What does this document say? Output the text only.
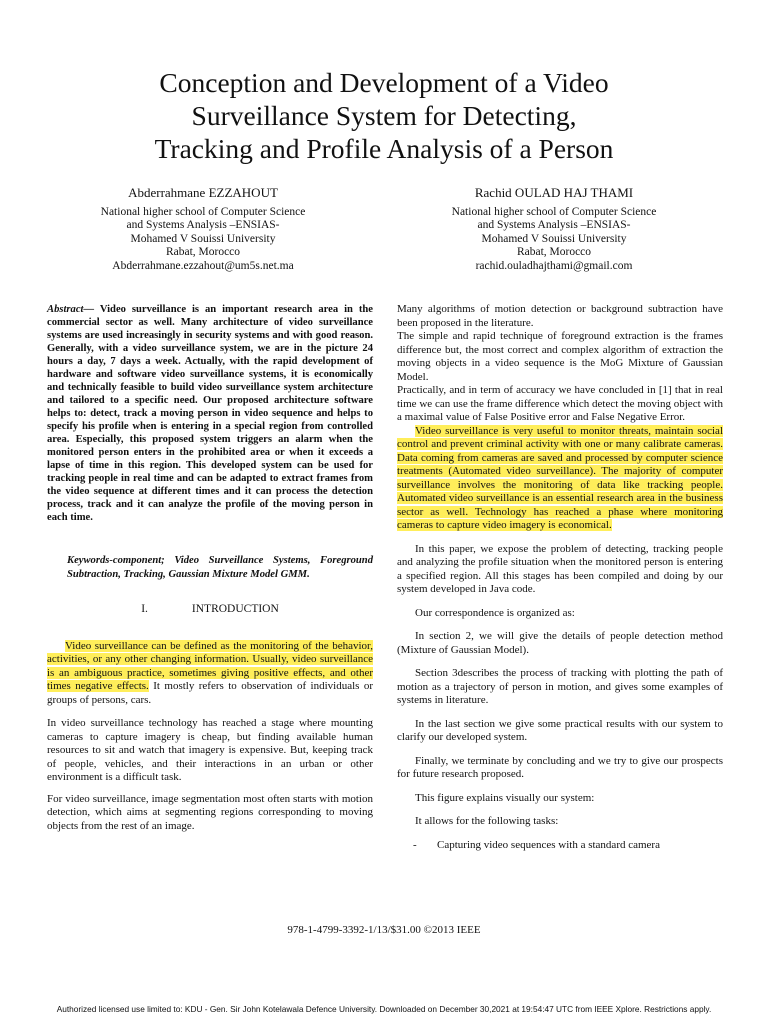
Conception and Development of a Video
Surveillance System for Detecting,
Tracking and Profile Analysis of a Person
Abderrahmane EZZAHOUT
National higher school of Computer Science
and Systems Analysis –ENSIAS-
Mohamed V Souissi University
Rabat, Morocco
Abderrahmane.ezzahout@um5s.net.ma
Rachid OULAD HAJ THAMI
National higher school of Computer Science
and Systems Analysis –ENSIAS-
Mohamed V Souissi University
Rabat, Morocco
rachid.ouladhajthami@gmail.com

Abstract— Video surveillance is an important research area in the commercial sector as well. Many architecture of video surveillance systems are used increasingly in security systems and with good reason. Generally, with a video surveillance system, we are in the picture 24 hours a day, 7 days a week. Actually, with the rapid development of hardware and software video surveillance systems, it is economically and technically feasible to build video surveillance system architecture and tailored to a specific need. Our proposed architecture software helps to: detect, track a moving person in video sequence and helps to specify his profile when is entering in a special region from controlled area. Especially, this proposed system triggers an alarm when the monitored person enters in the prohibited area or when it exceeds a lapse of time in this region. This developed system can be used for tracking people in real time and can be adapted to extract frames from the video sequence at different times and it can process the detection process, track and it can analyze the profile of the moving person in each time.

Keywords-component; Video Surveillance Systems, Foreground Subtraction, Tracking, Gaussian Mixture Model GMM.

I.	INTRODUCTION

Video surveillance can be defined as the monitoring of the behavior, activities, or any other changing information. Usually, video surveillance is an ambiguous practice, sometimes giving positive effects, and other times negative effects. It mostly refers to observation of individuals or groups of persons, cars.

In video surveillance technology has reached a stage where mounting cameras to capture imagery is cheap, but finding available human resources to sit and watch that imagery is expensive. But, keeping track of people, vehicles, and their interactions in an urban or other environment is a difficult task.

For video surveillance, image segmentation most often starts with motion detection, which aims at segmenting regions corresponding to moving objects from the rest of an image.

Many algorithms of motion detection or background subtraction have been proposed in the literature.

The simple and rapid technique of foreground extraction is the frames difference but, the most correct and complex algorithm of extraction the moving objects in a video sequence is the MoG Mixture of Gaussian Model.

Practically, and in term of accuracy we have concluded in [1] that in real time we can use the frame difference which detect the moving object with a maximal value of False Positive error and False Negative Error.

Video surveillance is very useful to monitor threats, maintain social control and prevent criminal activity with one or many calibrate cameras. Data coming from cameras are saved and processed by computer science treatments (Automated video surveillance). The majority of computer surveillance involves the monitoring of data like tracking people. Automated video surveillance is an essential research area in the business sector as well. Technology has reached a phase where monitoring cameras to capture video imagery is economical.

In this paper, we expose the problem of detecting, tracking people and analyzing the profile situation when the monitored person is entering a specified region. All this stages has been compiled and doing by our system developed in Java code.

Our correspondence is organized as:

In section 2, we will give the details of people detection method (Mixture of Gaussian Model).

Section 3describes the process of tracking with plotting the path of motion as a trajectory of person in motion, and gives some examples of systems in literature.

In the last section we give some practical results with our system to clarify our developed system.

Finally, we terminate by concluding and we try to give our prospects for future research proposed.

This figure explains visually our system:

It allows for the following tasks:

-	Capturing video sequences with a standard camera

978-1-4799-3392-1/13/$31.00 ©2013 IEEE
Authorized licensed use limited to: KDU - Gen. Sir John Kotelawala Defence University. Downloaded on December 30,2021 at 19:54:47 UTC from IEEE Xplore. Restrictions apply.
